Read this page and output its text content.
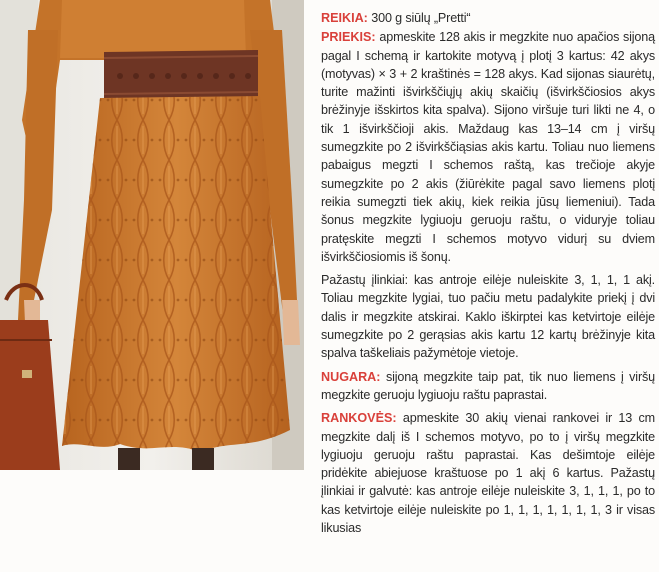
REIKIA: 300 g siūlų „Pretti“

PRIEKIS: apmeskite 128 akis ir megzkite nuo apačios sijoną pagal I schemą ir kartokite motyvą į plotį 3 kartus: 42 akys (motyvas) × 3 + 2 kraštinės = 128 akys. Kad sijonas siaurėtų, turite mažinti išvirkščiųjų akių skaičių (išvirkščiosios akys brėžinyje išskirtos kita spalva). Sijono viršuje turi likti ne 4, o tik 1 išvirkščioji akis. Maždaug kas 13–14 cm į viršų sumegzkite po 2 išvirkščiąsias akis kartu. Toliau nuo liemens pabaigus megzti I schemos raštą, kas trečioje akyje sumegzkite po 2 akis (žiūrėkite pagal savo liemens plotį reikia sumegzti tiek akių, kiek reikia jūsų liemeniui). Tada šonus megzkite lygiuoju geruoju raštu, o viduryje toliau pratęskite megzti I schemos motyvo vidurį su dviem išvirkščiosiomis iš šonų.

Pažastų įlinkiai: kas antroje eilėje nuleiskite 3, 1, 1, 1 akį. Toliau megzkite lygiai, tuo pačiu metu padalykite priekį į dvi dalis ir megzkite atskirai. Kaklo iškirptei kas ketvirtoje eilėje sumegzkite po 2 gerąsias akis kartu 12 kartų brėžinyje kita spalva taškeliais pažymėtoje vietoje.

NUGARA: sijoną megzkite taip pat, tik nuo liemens į viršų megzkite geruoju lygiuoju raštu paprastai.

RANKOVĖS: apmeskite 30 akių vienai rankovei ir 13 cm megzkite dalį iš I schemos motyvo, po to į viršų megzkite lygiuoju geruoju raštu paprastai. Kas dešimtoje eilėje pridėkite abiejuose kraštuose po 1 akį 6 kartus. Pažastų įlinkiai ir galvutė: kas antroje eilėje nuleiskite 3, 1, 1, 1, po to kas ketvirtoje eilėje nuleiskite po 1, 1, 1, 1, 1, 1, 1, 3 ir visas likusias
